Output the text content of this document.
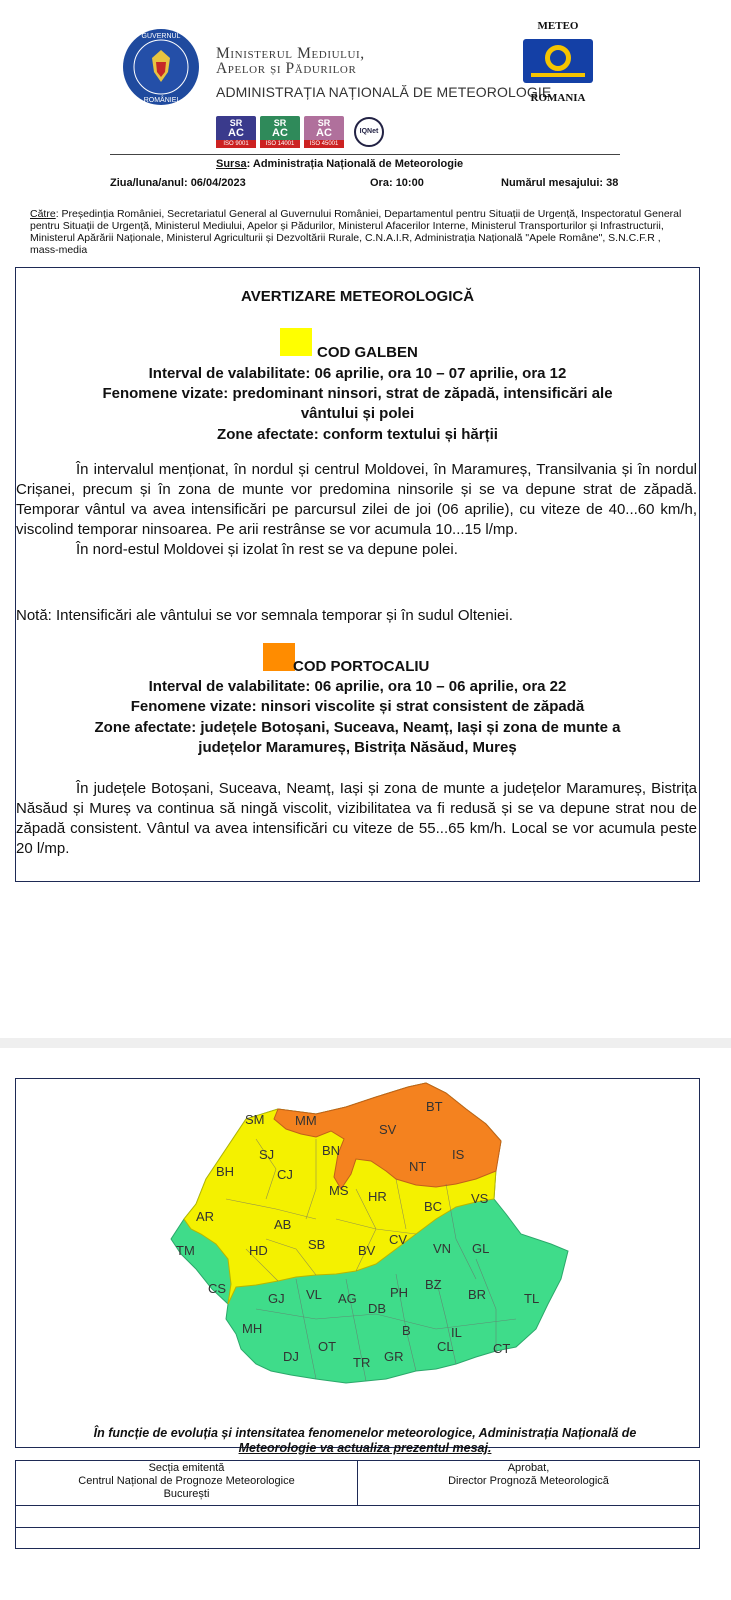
GUVERNUL
ROMÂNIEI
Ministerul Mediului,
Apelor și Pădurilor
ADMINISTRAȚIA NAȚIONALĂ DE METEOROLOGIE
SR
AC
ISO 9001
SR
AC
ISO 14001
SR
AC
ISO 45001
IQNet
METEO
ROMANIA
Sursa: Administrația Națională de Meteorologie
Ziua/luna/anul: 06/04/2023	Ora: 10:00	Numărul mesajului: 38
Către: Președinția României, Secretariatul General al Guvernului României, Departamentul pentru Situații de Urgență, Inspectoratul General pentru Situații de Urgență, Ministerul Mediului, Apelor și Pădurilor, Ministerul Afacerilor Interne, Ministerul Transporturilor și Infrastructurii, Ministerul Apărării Naționale, Ministerul Agriculturii și Dezvoltării Rurale, C.N.A.I.R, Administrația Națională "Apele Române", S.N.C.F.R , mass-media
AVERTIZARE METEOROLOGICĂ
COD GALBEN
Interval de valabilitate: 06 aprilie, ora 10 – 07 aprilie, ora 12
Fenomene vizate: predominant ninsori, strat de zăpadă, intensificări ale
vântului și polei
Zone afectate: conform textului și hărții

În intervalul menționat, în nordul și centrul Moldovei, în Maramureș, Transilvania și în nordul Crișanei, precum și în zona de munte vor predomina ninsorile și se va depune strat de zăpadă. Temporar vântul va avea intensificări pe parcursul zilei de joi (06 aprilie), cu viteze de 40...60 km/h, viscolind temporar ninsoarea. Pe arii restrânse se vor acumula 10...15 l/mp.

În nord-estul Moldovei și izolat în rest se va depune polei.

Notă: Intensificări ale vântului se vor semnala temporar și în sudul Olteniei.
COD PORTOCALIU
Interval de valabilitate: 06 aprilie, ora 10 – 06 aprilie, ora 22
Fenomene vizate: ninsori viscolite și strat consistent de zăpadă
Zone afectate: județele Botoșani, Suceava, Neamț, Iași și zona de munte a
județelor Maramureș, Bistrița Năsăud, Mureș

În județele Botoșani, Suceava, Neamț, Iași și zona de munte a județelor Maramureș, Bistrița Năsăud și Mureș va continua să ningă viscolit, vizibilitatea va fi redusă și se va depune strat nou de zăpadă consistent. Vântul va avea intensificări cu viteze de 55...65 km/h. Local se vor acumula peste 20 l/mp.

SM MM
BT
SV
BN
SJ	IS
BH	CJ
NT
MS HR
BC
VS
AR
AB
TM	HD	SB	CV
VN GL
BV
CS
GJ VL AG	PH
BZ
BR	TL
DB
MH
OT
IL
B
DJ	TR GR
CL	CT
În funcție de evoluția și intensitatea fenomenelor meteorologice, Administrația Națională de
Meteorologie va actualiza prezentul mesaj.
Secția emitentă
Centrul Național de Prognoze Meteorologice
București
Aprobat,
Director Prognoză Meteorologică
